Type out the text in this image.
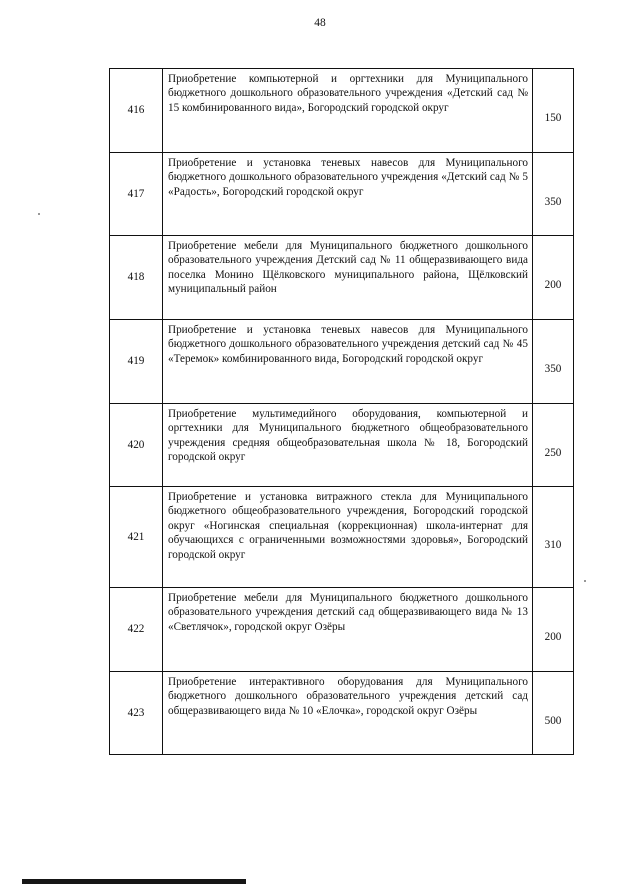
48
416	Приобретение компьютерной и оргтехники для Муниципального бюджетного дошкольного образовательного учреждения «Детский сад № 15 комбинированного вида», Богородский городской округ	150
417	Приобретение и установка теневых навесов для Муниципального бюджетного дошкольного образовательного учреждения «Детский сад № 5 «Радость», Богородский городской округ	350
418	Приобретение мебели для Муниципального бюджетного дошкольного образовательного учреждения Детский сад № 11 общеразвивающего вида поселка Монино Щёлковского муниципального района, Щёлковский муниципальный район	200
419	Приобретение и установка теневых навесов для Муниципального бюджетного дошкольного образовательного учреждения детский сад № 45 «Теремок» комбинированного вида, Богородский городской округ	350
420	Приобретение мультимедийного оборудования, компьютерной и оргтехники для Муниципального бюджетного общеобразовательного учреждения средняя общеобразовательная школа № 18, Богородский городской округ	250
421	Приобретение и установка витражного стекла для Муниципального бюджетного общеобразовательного учреждения, Богородский городской округ «Ногинская специальная (коррекционная) школа-интернат для обучающихся с ограниченными возможностями здоровья», Богородский городской округ	310
422	Приобретение мебели для Муниципального бюджетного дошкольного образовательного учреждения детский сад общеразвивающего вида № 13 «Светлячок», городской округ Озёры	200
423	Приобретение интерактивного оборудования для Муниципального бюджетного дошкольного образовательного учреждения детский сад общеразвивающего вида № 10 «Елочка», городской округ Озёры	500
